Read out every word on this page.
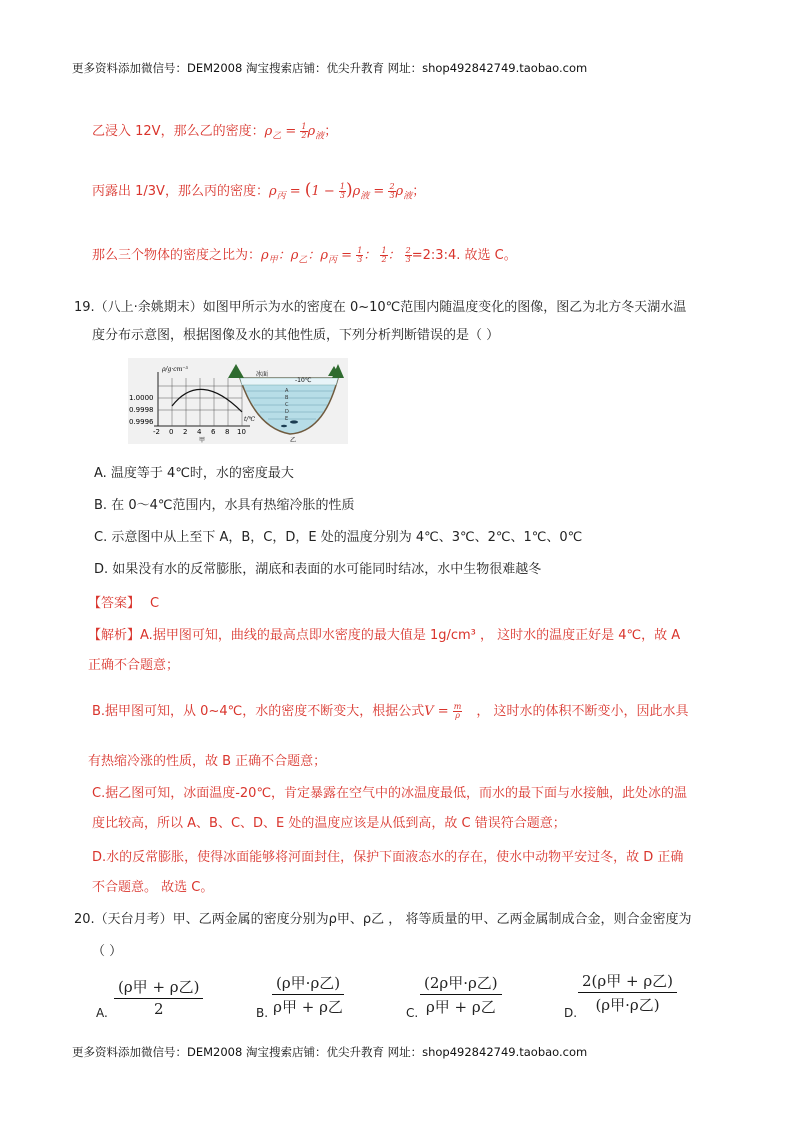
更多资料添加微信号：DEM2008 淘宝搜索店铺：优尖升教育 网址：shop492842749.taobao.com
乙浸入 12V，那么乙的密度：$\rho_乙 = \frac{1}{2} \rho_液$；
丙露出 1/3V，那么丙的密度：$\rho_丙 = (1 - \frac{1}{3} )\rho_液 = \frac{2}{3} \rho_液$；
那么三个物体的密度之比为：$\rho_甲$：$\rho_乙$：$\rho_丙 = \frac{1}{3}$ ： $\frac{1}{2}$ ： $\frac{2}{3}$ =2:3:4. 故选 C。
19.（八上·余姚期末）如图甲所示为水的密度在 0~10℃范围内随温度变化的图像，图乙为北方冬天湖水温
度分布示意图，根据图像及水的其他性质，下列分析判断错误的是（ ）
ρ/g·cm⁻³
t/℃
1.0000
0.9998
0.9996
-2 0 2 4 6 8 10
甲
冰面
-10℃
A
B
C
D
E
乙
A. 温度等于 4℃时，水的密度最大
B. 在 0～4℃范围内，水具有热缩冷胀的性质
C. 示意图中从上至下 A，B，C，D，E 处的温度分别为 4℃、3℃、2℃、1℃、0℃
D. 如果没有水的反常膨胀，湖底和表面的水可能同时结冰，水中生物很难越冬
【答案】 C
【解析】A.据甲图可知，曲线的最高点即水密度的最大值是 1g/cm³ ， 这时水的温度正好是 4℃，故 A
正确不合题意；
B.据甲图可知，从 0~4℃，水的密度不断变大，根据公式$V = \frac{m}{\rho}$ ， 这时水的体积不断变小，因此水具
有热缩冷涨的性质，故 B 正确不合题意；
C.据乙图可知，冰面温度-20℃，肯定暴露在空气中的冰温度最低，而水的最下面与水接触，此处冰的温
度比较高，所以 A、B、C、D、E 处的温度应该是从低到高，故 C 错误符合题意；
D.水的反常膨胀，使得冰面能够将河面封住，保护下面液态水的存在，使水中动物平安过冬，故 D 正确
不合题意。 故选 C。
20.（天台月考）甲、乙两金属的密度分别为ρ甲、ρ乙 ， 将等质量的甲、乙两金属制成合金，则合金密度为
（ ）
A.
(ρ甲 + ρ乙)
2	B.
(ρ甲·ρ乙)
ρ甲 + ρ乙	C.
(2ρ甲·ρ乙)
ρ甲 + ρ乙	D.
2(ρ甲 + ρ乙)
(ρ甲·ρ乙)
更多资料添加微信号：DEM2008 淘宝搜索店铺：优尖升教育 网址：shop492842749.taobao.com
